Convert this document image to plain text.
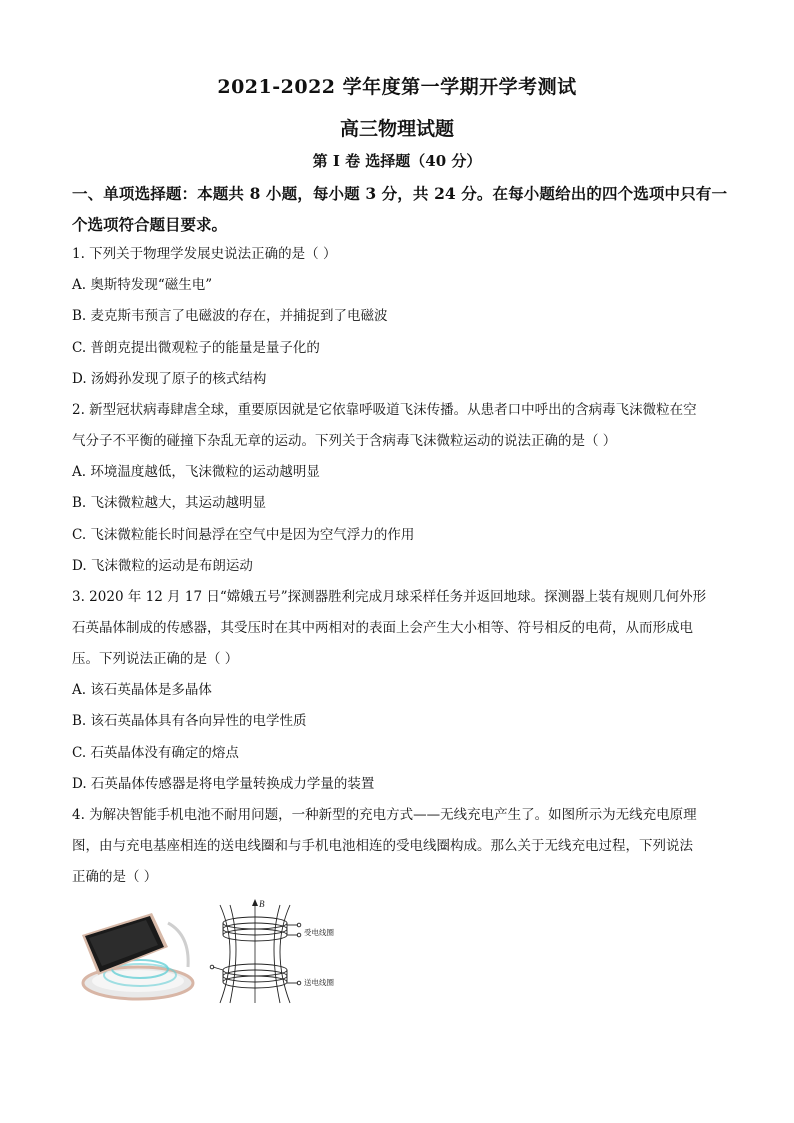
2021-2022 学年度第一学期开学考测试
高三物理试题
第 I 卷 选择题（40 分）
一、单项选择题：本题共 8 小题，每小题 3 分，共 24 分。在每小题给出的四个选项中只有一个选项符合题目要求。
1. 下列关于物理学发展史说法正确的是（ ）
A. 奥斯特发现“磁生电”
B. 麦克斯韦预言了电磁波的存在，并捕捉到了电磁波
C. 普朗克提出微观粒子的能量是量子化的
D. 汤姆孙发现了原子的核式结构
2. 新型冠状病毒肆虐全球，重要原因就是它依靠呼吸道飞沫传播。从患者口中呼出的含病毒飞沫微粒在空
气分子不平衡的碰撞下杂乱无章的运动。下列关于含病毒飞沫微粒运动的说法正确的是（ ）
A. 环境温度越低，飞沫微粒的运动越明显
B. 飞沫微粒越大，其运动越明显
C. 飞沫微粒能长时间悬浮在空气中是因为空气浮力的作用
D. 飞沫微粒的运动是布朗运动
3. 2020 年 12 月 17 日“嫦娥五号”探测器胜利完成月球采样任务并返回地球。探测器上装有规则几何外形
石英晶体制成的传感器，其受压时在其中两相对的表面上会产生大小相等、符号相反的电荷，从而形成电
压。下列说法正确的是（ ）
A. 该石英晶体是多晶体
B. 该石英晶体具有各向异性的电学性质
C. 石英晶体没有确定的熔点
D. 石英晶体传感器是将电学量转换成力学量的装置
4. 为解决智能手机电池不耐用问题，一种新型的充电方式——无线充电产生了。如图所示为无线充电原理
图，由与充电基座相连的送电线圈和与手机电池相连的受电线圈构成。那么关于无线充电过程，下列说法
正确的是（ ）
B
受电线圈
送电线圈
